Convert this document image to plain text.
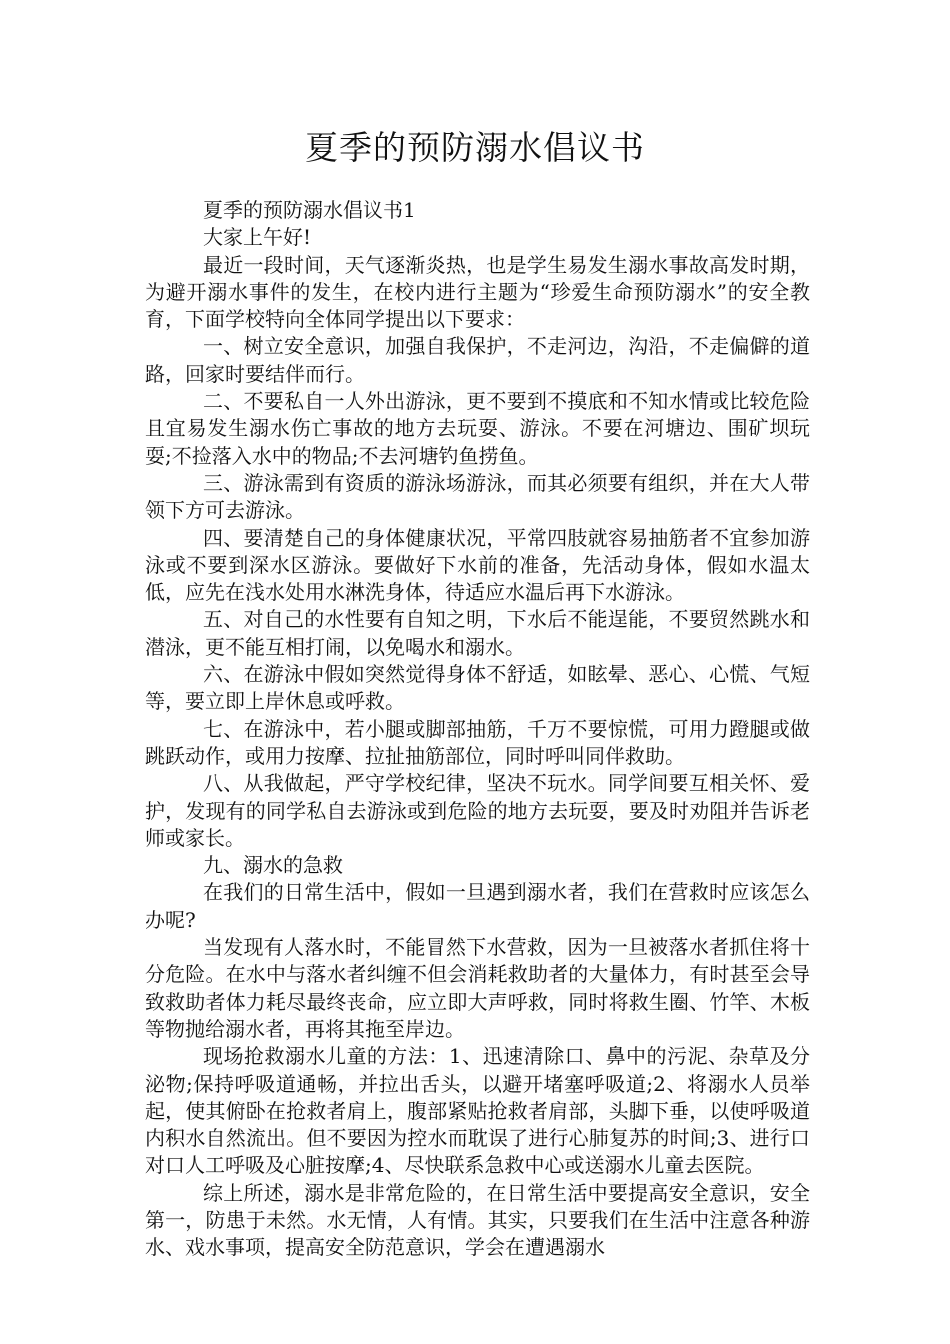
夏季的预防溺水倡议书

夏季的预防溺水倡议书1

大家上午好!

最近一段时间，天气逐渐炎热，也是学生易发生溺水事故高发时期，为避开溺水事件的发生，在校内进行主题为“珍爱生命预防溺水”的安全教育，下面学校特向全体同学提出以下要求：

一、树立安全意识，加强自我保护，不走河边，沟沿，不走偏僻的道路，回家时要结伴而行。

二、不要私自一人外出游泳，更不要到不摸底和不知水情或比较危险且宜易发生溺水伤亡事故的地方去玩耍、游泳。不要在河塘边、围矿坝玩耍;不捡落入水中的物品;不去河塘钓鱼捞鱼。

三、游泳需到有资质的游泳场游泳，而其必须要有组织，并在大人带领下方可去游泳。

四、要清楚自己的身体健康状况，平常四肢就容易抽筋者不宜参加游泳或不要到深水区游泳。要做好下水前的准备，先活动身体，假如水温太低，应先在浅水处用水淋洗身体，待适应水温后再下水游泳。

五、对自己的水性要有自知之明，下水后不能逞能，不要贸然跳水和潜泳，更不能互相打闹，以免喝水和溺水。

六、在游泳中假如突然觉得身体不舒适，如眩晕、恶心、心慌、气短等，要立即上岸休息或呼救。

七、在游泳中，若小腿或脚部抽筋，千万不要惊慌，可用力蹬腿或做跳跃动作，或用力按摩、拉扯抽筋部位，同时呼叫同伴救助。

八、从我做起，严守学校纪律，坚决不玩水。同学间要互相关怀、爱护，发现有的同学私自去游泳或到危险的地方去玩耍，要及时劝阻并告诉老师或家长。

九、溺水的急救

在我们的日常生活中，假如一旦遇到溺水者，我们在营救时应该怎么办呢?

当发现有人落水时，不能冒然下水营救，因为一旦被落水者抓住将十分危险。在水中与落水者纠缠不但会消耗救助者的大量体力，有时甚至会导致救助者体力耗尽最终丧命，应立即大声呼救，同时将救生圈、竹竿、木板等物抛给溺水者，再将其拖至岸边。

现场抢救溺水儿童的方法：1、迅速清除口、鼻中的污泥、杂草及分泌物;保持呼吸道通畅，并拉出舌头，以避开堵塞呼吸道;2、将溺水人员举起，使其俯卧在抢救者肩上，腹部紧贴抢救者肩部，头脚下垂，以使呼吸道内积水自然流出。但不要因为控水而耽误了进行心肺复苏的时间;3、进行口对口人工呼吸及心脏按摩;4、尽快联系急救中心或送溺水儿童去医院。

综上所述，溺水是非常危险的，在日常生活中要提高安全意识，安全第一，防患于未然。水无情，人有情。其实，只要我们在生活中注意各种游水、戏水事项，提高安全防范意识，学会在遭遇溺水
